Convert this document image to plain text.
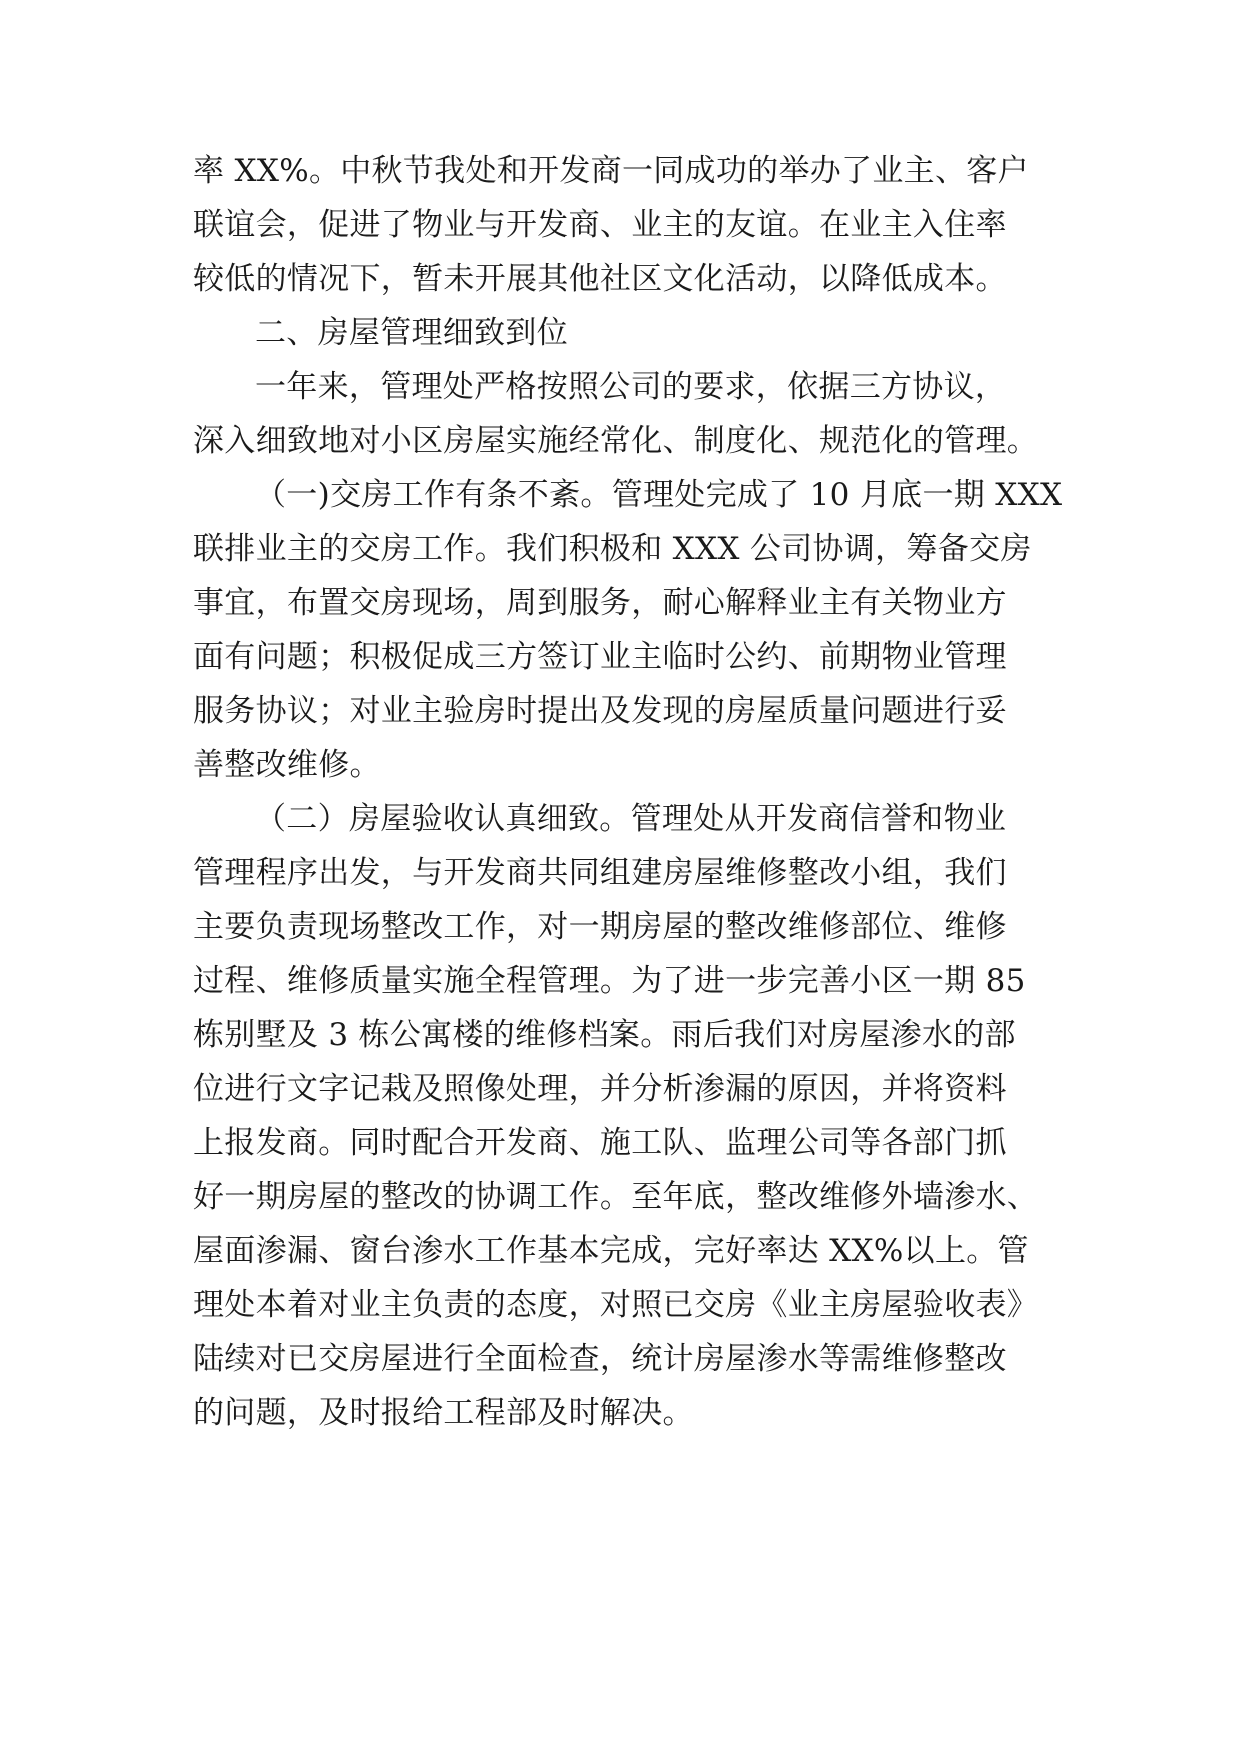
率 XX%。中秋节我处和开发商一同成功的举办了业主、客户
联谊会，促进了物业与开发商、业主的友谊。在业主入住率
较低的情况下，暂未开展其他社区文化活动，以降低成本。
二、房屋管理细致到位
一年来，管理处严格按照公司的要求，依据三方协议，
深入细致地对小区房屋实施经常化、制度化、规范化的管理。
（一)交房工作有条不紊。管理处完成了 10 月底一期 XXX
联排业主的交房工作。我们积极和 XXX 公司协调，筹备交房
事宜，布置交房现场，周到服务，耐心解释业主有关物业方
面有问题；积极促成三方签订业主临时公约、前期物业管理
服务协议；对业主验房时提出及发现的房屋质量问题进行妥
善整改维修。
（二）房屋验收认真细致。管理处从开发商信誉和物业
管理程序出发，与开发商共同组建房屋维修整改小组，我们
主要负责现场整改工作，对一期房屋的整改维修部位、维修
过程、维修质量实施全程管理。为了进一步完善小区一期 85
栋别墅及 3 栋公寓楼的维修档案。雨后我们对房屋渗水的部
位进行文字记栽及照像处理，并分析渗漏的原因，并将资料
上报发商。同时配合开发商、施工队、监理公司等各部门抓
好一期房屋的整改的协调工作。至年底，整改维修外墙渗水、
屋面渗漏、窗台渗水工作基本完成，完好率达 XX%以上。管
理处本着对业主负责的态度，对照已交房《业主房屋验收表》
陆续对已交房屋进行全面检查，统计房屋渗水等需维修整改
的问题，及时报给工程部及时解决。
